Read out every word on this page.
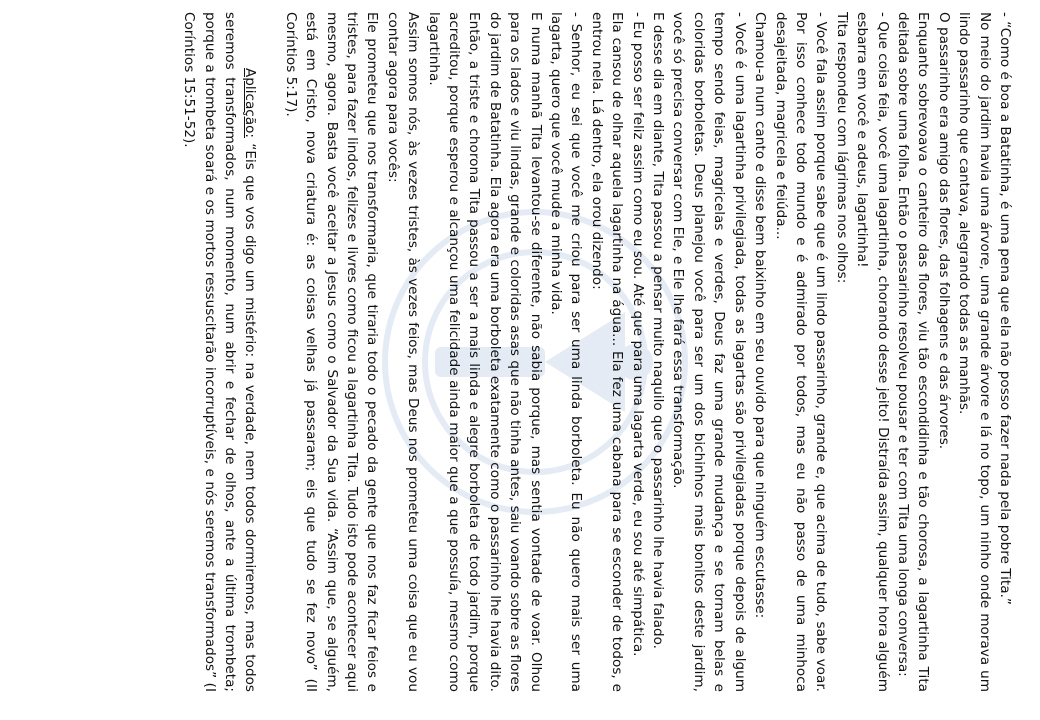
- “Como é boa a Batatinha, é uma pena que ela não posso fazer nada pela pobre Tita.”

No meio do jardim havia uma árvore, uma grande árvore e lá no topo, um ninho onde morava um lindo passarinho que cantava, alegrando todas as manhãs.

O passarinho era amigo das flores, das folhagens e das árvores.

Enquanto sobrevoava o canteiro das flores, viu tão escondidinha e tão chorosa, a lagartinha Tita deitada sobre uma folha. Então o passarinho resolveu pousar e ter com Tita uma longa conversa:

- Que coisa feia, você uma lagartinha, chorando desse jeito! Distraída assim, qualquer hora alguém esbarra em você e adeus, lagartinha!

Tita respondeu com lágrimas nos olhos:

- Você fala assim porque sabe que é um lindo passarinho, grande e, que acima de tudo, sabe voar. Por isso conhece todo mundo e é admirado por todos, mas eu não passo de uma minhoca desajeitada, magricela e feiúda...

Chamou-a num canto e disse bem baixinho em seu ouvido para que ninguém escutasse:

- Você é uma lagartinha privilegiada, todas as lagartas são privilegiadas porque depois de algum tempo sendo feias, magricelas e verdes, Deus faz uma grande mudança e se tornam belas e coloridas borboletas. Deus planejou você para ser um dos bichinhos mais bonitos deste jardim, você só precisa conversar com Ele, e Ele lhe fará essa transformação.

E desse dia em diante, Tita passou a pensar muito naquilo que o passarinho lhe havia falado.

- Eu posso ser feliz assim como eu sou. Até que para uma lagarta verde, eu sou até simpática.

Ela cansou de olhar aquela lagartinha na água... Ela fez uma cabana para se esconder de todos, e entrou nela. Lá dentro, ela orou dizendo:

- Senhor, eu sei que você me criou para ser uma linda borboleta. Eu não quero mais ser uma lagarta, quero que você mude a minha vida.

E numa manhã Tita levantou-se diferente, não sabia porque, mas sentia vontade de voar. Olhou para os lados e viu lindas, grande e coloridas asas que não tinha antes, saiu voando sobre as flores do jardim de Batatinha. Ela agora era uma borboleta exatamente como o passarinho lhe havia dito.

Então, a triste e chorona Tita passou a ser a mais linda e alegre borboleta de todo jardim, porque acreditou, porque esperou e alcançou uma felicidade ainda maior que a que possuía, mesmo como lagartinha.

Assim somos nós, às vezes tristes, às vezes feios, mas Deus nos prometeu uma coisa que eu vou contar agora para vocês:

Ele prometeu que nos transformaria, que tiraria todo o pecado da gente que nos faz ficar feios e tristes, para fazer lindos, felizes e livres como ficou a lagartinha Tita. Tudo isto pode acontecer aqui mesmo, agora. Basta você aceitar a Jesus como o Salvador da Sua vida. “Assim que, se alguém, está em Cristo, nova criatura é: as coisas velhas já passaram; eis que tudo se fez novo” (II Coríntios 5:17).

Aplicação: “Eis que vos digo um mistério: na verdade, nem todos dormiremos, mas todos seremos transformados, num momento, num abrir e fechar de olhos, ante a última trombeta; porque a trombeta soará e os mortos ressuscitarão incorruptíveis, e nós seremos transformados” (I Coríntios 15:51-52).
